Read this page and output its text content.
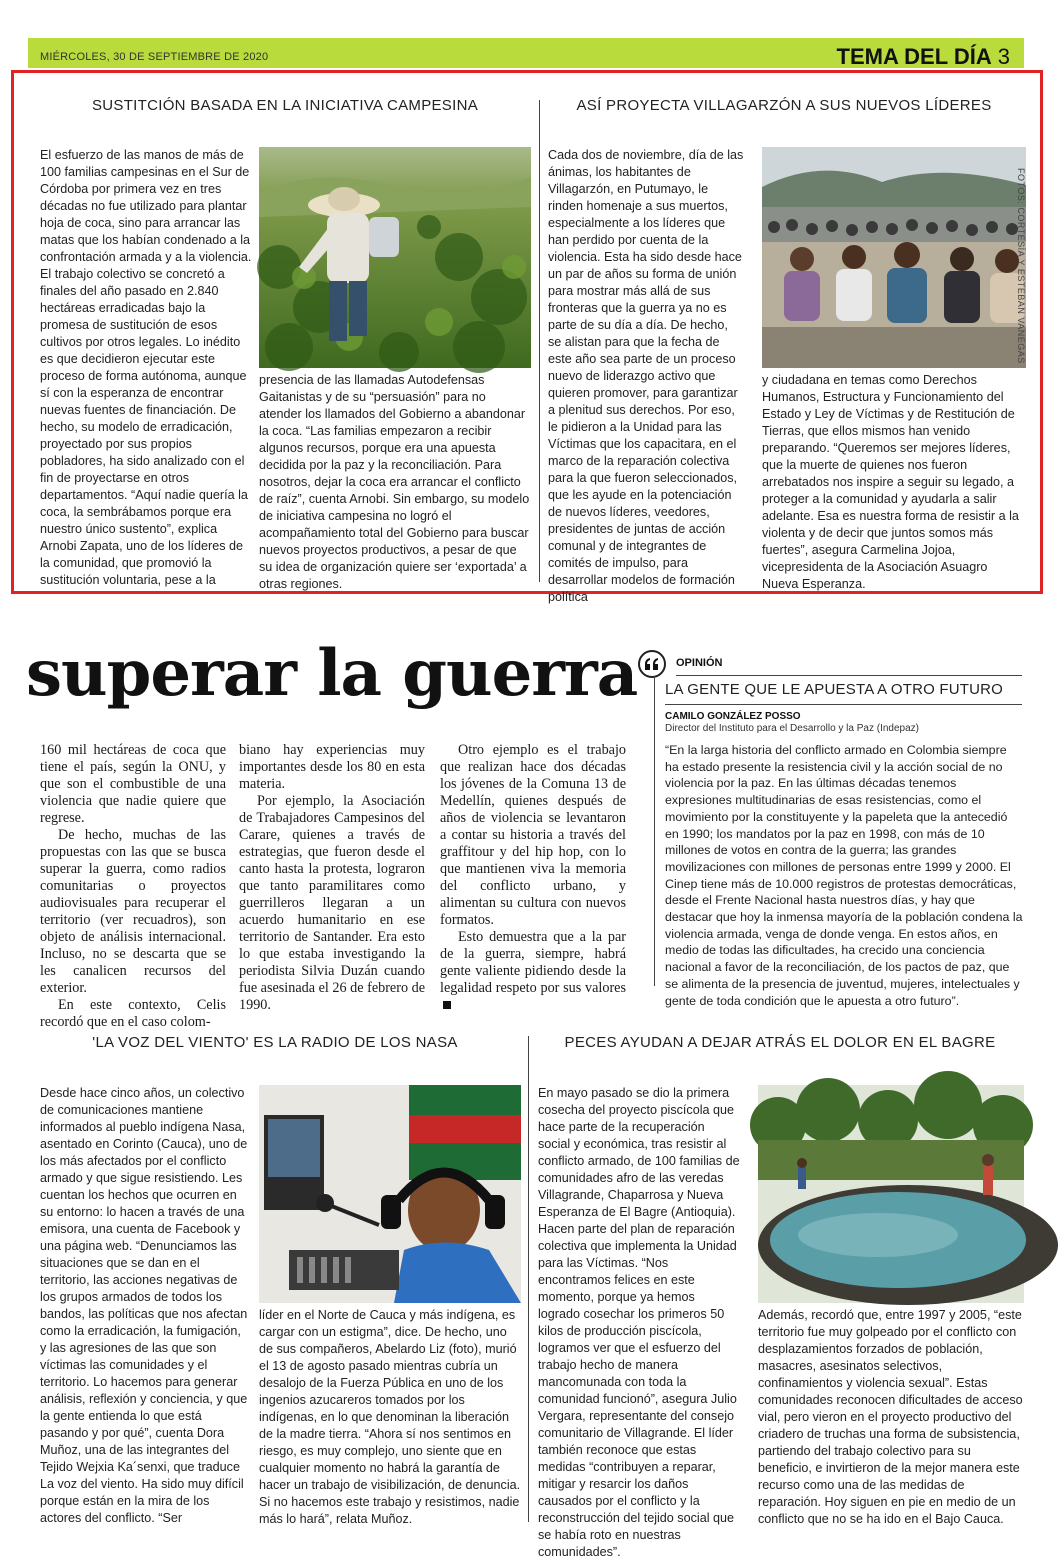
MIÉRCOLES, 30 DE SEPTIEMBRE DE 2020	TEMA DEL DÍA 3
SUSTITCIÓN BASADA EN LA INICIATIVA CAMPESINA
El esfuerzo de las manos de más de 100 familias campesinas en el Sur de Córdoba por primera vez en tres décadas no fue utilizado para plantar hoja de coca, sino para arrancar las matas que los habían condenado a la confrontación armada y a la violencia. El trabajo colectivo se concretó a finales del año pasado en 2.840 hectáreas erradicadas bajo la promesa de sustitución de esos cultivos por otros legales. Lo inédito es que decidieron ejecutar este proceso de forma autónoma, aunque sí con la esperanza de encontrar nuevas fuentes de financiación. De hecho, su modelo de erradicación, proyectado por sus propios pobladores, ha sido analizado con el fin de proyectarse en otros departamentos. “Aquí nadie quería la coca, la sembrábamos porque era nuestro único sustento”, explica Arnobi Zapata, uno de los líderes de la comunidad, que promovió la sustitución voluntaria, pese a la
presencia de las llamadas Autodefensas Gaitanistas y de su “persuasión” para no atender los llamados del Gobierno a abandonar la coca. “Las familias empezaron a recibir algunos recursos, porque era una apuesta decidida por la paz y la reconciliación. Para nosotros, dejar la coca era arrancar el conflicto de raíz”, cuenta Arnobi. Sin embargo, su modelo de iniciativa campesina no logró el acompañamiento total del Gobierno para buscar nuevos proyectos productivos, a pesar de que su idea de organización quiere ser ‘exportada’ a otras regiones.
ASÍ PROYECTA VILLAGARZÓN A SUS NUEVOS LÍDERES
Cada dos de noviembre, día de las ánimas, los habitantes de Villagarzón, en Putumayo, le rinden homenaje a sus muertos, especialmente a los líderes que han perdido por cuenta de la violencia. Esta ha sido desde hace un par de años su forma de unión para mostrar más allá de sus fronteras que la guerra ya no es parte de su día a día. De hecho, se alistan para que la fecha de este año sea parte de un proceso nuevo de liderazgo activo que quieren promover, para garantizar a plenitud sus derechos. Por eso, le pidieron a la Unidad para las Víctimas que los capacitara, en el marco de la reparación colectiva para la que fueron seleccionados, que les ayude en la potenciación de nuevos líderes, veedores, presidentes de juntas de acción comunal y de integrantes de comités de impulso, para desarrollar modelos de formación política
FOTOS: CORTESÍA Y ESTEBAN VANEGAS
y ciudadana en temas como Derechos Humanos, Estructura y Funcionamiento del Estado y Ley de Víctimas y de Restitución de Tierras, que ellos mismos han venido preparando. “Queremos ser mejores líderes, que la muerte de quienes nos fueron arrebatados nos inspire a seguir su legado, a proteger a la comunidad y ayudarla a salir adelante. Esa es nuestra forma de resistir a la violenta y de decir que juntos somos más fuertes”, asegura Carmelina Jojoa, vicepresidenta de la Asociación Asuagro Nueva Esperanza.
superar la guerra

160 mil hectáreas de coca que tiene el país, según la ONU, y que son el combustible de una violencia que nadie quiere que regrese.

De hecho, muchas de las propuestas con las que se busca superar la guerra, como radios comunitarias o proyectos audiovisuales para recuperar el territorio (ver recuadros), son objeto de análisis internacional. Incluso, no se descarta que se les canalicen recursos del exterior.

En este contexto, Celis recordó que en el caso colom-

biano hay experiencias muy importantes desde los 80 en esta materia.

Por ejemplo, la Asociación de Trabajadores Campesinos del Carare, quienes a través de estrategias, que fueron desde el canto hasta la protesta, lograron que tanto paramilitares como guerrilleros llegaran a un acuerdo humanitario en ese territorio de Santander. Era esto lo que estaba investigando la periodista Silvia Duzán cuando fue asesinada el 26 de febrero de 1990.

Otro ejemplo es el trabajo que realizan hace dos décadas los jóvenes de la Comuna 13 de Medellín, quienes después de años de violencia se levantaron a contar su historia a través del graffitour y del hip hop, con lo que mantienen viva la memoria del conflicto urbano, y alimentan su cultura con nuevos formatos.

Esto demuestra que a la par de la guerra, siempre, habrá gente valiente pidiendo desde la legalidad respeto por sus valores

OPINIÓN
LA GENTE QUE LE APUESTA A OTRO FUTURO
CAMILO GONZÁLEZ POSSO
Director del Instituto para el Desarrollo y la Paz (Indepaz)
“En la larga historia del conflicto armado en Colombia siempre ha estado presente la resistencia civil y la acción social de no violencia por la paz. En las últimas décadas tenemos expresiones multitudinarias de esas resistencias, como el movimiento por la constituyente y la papeleta que la antecedió en 1990; los mandatos por la paz en 1998, con más de 10 millones de votos en contra de la guerra; las grandes movilizaciones con millones de personas entre 1999 y 2000. El Cinep tiene más de 10.000 registros de protestas democráticas, desde el Frente Nacional hasta nuestros días, y hay que destacar que hoy la inmensa mayoría de la población condena la violencia armada, venga de donde venga. En estos años, en medio de todas las dificultades, ha crecido una conciencia nacional a favor de la reconciliación, de los pactos de paz, que se alimenta de la presencia de juventud, mujeres, intelectuales y gente de toda condición que le apuesta a otro futuro”.
'LA VOZ DEL VIENTO' ES LA RADIO DE LOS NASA
Desde hace cinco años, un colectivo de comunicaciones mantiene informados al pueblo indígena Nasa, asentado en Corinto (Cauca), uno de los más afectados por el conflicto armado y que sigue resistiendo. Les cuentan los hechos que ocurren en su entorno: lo hacen a través de una emisora, una cuenta de Facebook y una página web. “Denunciamos las situaciones que se dan en el territorio, las acciones negativas de los grupos armados de todos los bandos, las políticas que nos afectan como la erradicación, la fumigación, y las agresiones de las que son víctimas las comunidades y el territorio. Lo hacemos para generar análisis, reflexión y conciencia, y que la gente entienda lo que está pasando y por qué”, cuenta Dora Muñoz, una de las integrantes del Tejido Wejxia Ka´senxi, que traduce La voz del viento. Ha sido muy difícil porque están en la mira de los actores del conflicto. “Ser
líder en el Norte de Cauca y más indígena, es cargar con un estigma”, dice. De hecho, uno de sus compañeros, Abelardo Liz (foto), murió el 13 de agosto pasado mientras cubría un desalojo de la Fuerza Pública en uno de los ingenios azucareros tomados por los indígenas, en lo que denominan la liberación de la madre tierra. “Ahora sí nos sentimos en riesgo, es muy complejo, uno siente que en cualquier momento no habrá la garantía de hacer un trabajo de visibilización, de denuncia. Si no hacemos este trabajo y resistimos, nadie más lo hará”, relata Muñoz.
PECES AYUDAN A DEJAR ATRÁS EL DOLOR EN EL BAGRE
En mayo pasado se dio la primera cosecha del proyecto piscícola que hace parte de la recuperación social y económica, tras resistir al conflicto armado, de 100 familias de comunidades afro de las veredas Villagrande, Chaparrosa y Nueva Esperanza de El Bagre (Antioquia). Hacen parte del plan de reparación colectiva que implementa la Unidad para las Víctimas. “Nos encontramos felices en este momento, porque ya hemos logrado cosechar los primeros 50 kilos de producción piscícola, logramos ver que el esfuerzo del trabajo hecho de manera mancomunada con toda la comunidad funcionó”, asegura Julio Vergara, representante del consejo comunitario de Villagrande. El líder también reconoce que estas medidas “contribuyen a reparar, mitigar y resarcir los daños causados por el conflicto y la reconstrucción del tejido social que se había roto en nuestras comunidades”.
Además, recordó que, entre 1997 y 2005, “este territorio fue muy golpeado por el conflicto con desplazamientos forzados de población, masacres, asesinatos selectivos, confinamientos y violencia sexual”. Estas comunidades reconocen dificultades de acceso vial, pero vieron en el proyecto productivo del criadero de truchas una forma de subsistencia, partiendo del trabajo colectivo para su beneficio, e invirtieron de la mejor manera este recurso como una de las medidas de reparación. Hoy siguen en pie en medio de un conflicto que no se ha ido en el Bajo Cauca.
